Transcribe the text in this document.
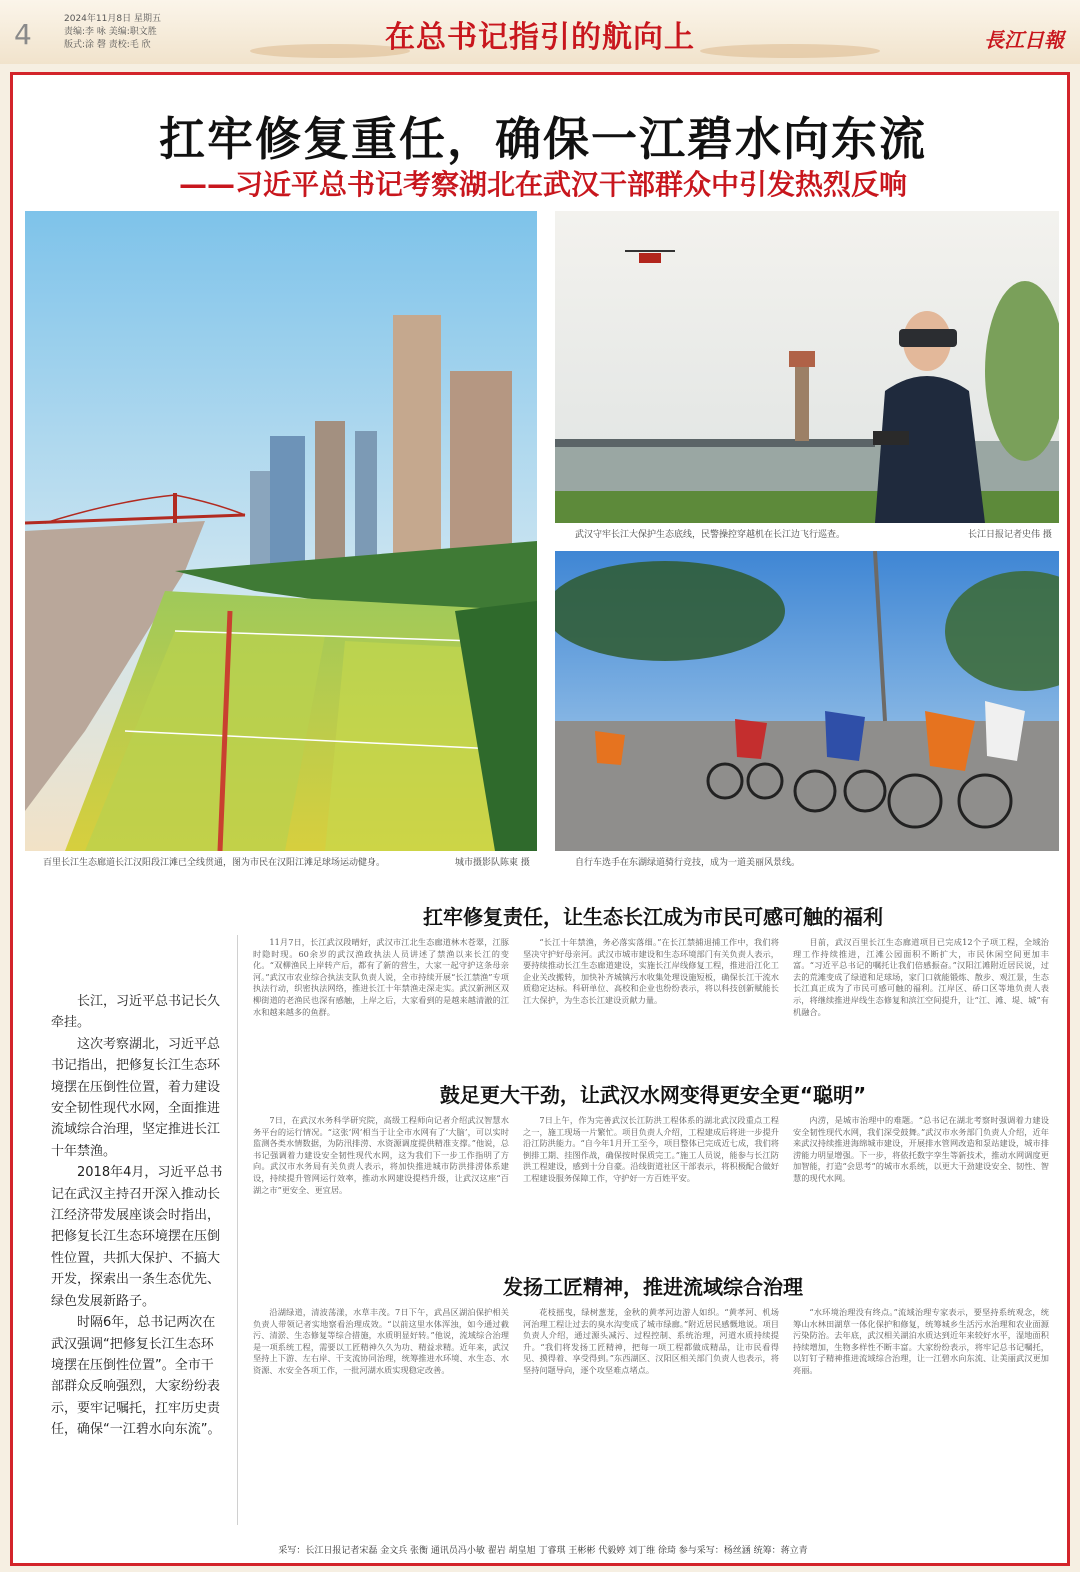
4	2024年11月8日 星期五
责编:李 咏 美编:职文胜
版式:涂 磬 责校:毛 欣	在总书记指引的航向上	長江日報
扛牢修复重任，确保一江碧水向东流
——习近平总书记考察湖北在武汉干部群众中引发热烈反响
百里长江生态廊道长江汉阳段江滩已全线贯通，图为市民在汉阳江滩足球场运动健身。	城市摄影队陈東 摄
武汉守牢长江大保护生态底线，民警操控穿越机在长江边飞行巡查。	长江日报记者史伟 摄
自行车选手在东湖绿道骑行竞技，成为一道美丽风景线。
扛牢修复责任，让生态长江成为市民可感可触的福利

长江，习近平总书记长久牵挂。

这次考察湖北，习近平总书记指出，把修复长江生态环境摆在压倒性位置，着力建设安全韧性现代水网，全面推进流域综合治理，坚定推进长江十年禁渔。

2018年4月，习近平总书记在武汉主持召开深入推动长江经济带发展座谈会时指出，把修复长江生态环境摆在压倒性位置，共抓大保护、不搞大开发，探索出一条生态优先、绿色发展新路子。

时隔6年，总书记两次在武汉强调“把修复长江生态环境摆在压倒性位置”。全市干部群众反响强烈，大家纷纷表示，要牢记嘱托，扛牢历史责任，确保“一江碧水向东流”。

11月7日，长江武汉段晴好，武汉市江北生态廊道林木苍翠，江豚时隐时现。60余岁的武汉渔政执法人员讲述了禁渔以来长江的变化。“双柳渔民上岸转产后，都有了新的营生，大家一起守护这条母亲河。”武汉市农业综合执法支队负责人说，全市持续开展“长江禁渔”专项执法行动，织密执法网络，推进长江十年禁渔走深走实。武汉新洲区双柳街道的老渔民也深有感触，上岸之后，大家看到的是越来越清澈的江水和越来越多的鱼群。

“长江十年禁渔，务必落实落细。”在长江禁捕退捕工作中，我们将坚决守护好母亲河。武汉市城市建设和生态环境部门有关负责人表示，要持续推动长江生态廊道建设，实施长江岸线修复工程，推进沿江化工企业关改搬转，加快补齐城镇污水收集处理设施短板，确保长江干流水质稳定达标。科研单位、高校和企业也纷纷表示，将以科技创新赋能长江大保护，为生态长江建设贡献力量。

目前，武汉百里长江生态廊道项目已完成12个子项工程，全域治理工作持续推进，江滩公园面积不断扩大，市民休闲空间更加丰富。“习近平总书记的嘱托让我们倍感振奋。”汉阳江滩附近居民说，过去的荒滩变成了绿道和足球场，家门口就能锻炼、散步、观江景，生态长江真正成为了市民可感可触的福利。江岸区、硚口区等地负责人表示，将继续推进岸线生态修复和滨江空间提升，让“江、滩、堤、城”有机融合。

鼓足更大干劲，让武汉水网变得更安全更“聪明”

7日，在武汉水务科学研究院，高级工程师向记者介绍武汉智慧水务平台的运行情况。“这张‘网’相当于让全市水网有了‘大脑’，可以实时监测各类水情数据，为防汛排涝、水资源调度提供精准支撑。”他说，总书记强调着力建设安全韧性现代水网，这为我们下一步工作指明了方向。武汉市水务局有关负责人表示，将加快推进城市防洪排涝体系建设，持续提升管网运行效率，推动水网建设提档升级，让武汉这座“百湖之市”更安全、更宜居。

7日上午，作为完善武汉长江防洪工程体系的湖北武汉段重点工程之一，施工现场一片繁忙。项目负责人介绍，工程建成后将进一步提升沿江防洪能力。“自今年1月开工至今，项目整体已完成近七成，我们将倒排工期、挂图作战，确保按时保质完工。”施工人员说，能参与长江防洪工程建设，感到十分自豪。沿线街道社区干部表示，将积极配合做好工程建设服务保障工作，守护好一方百姓平安。

内涝，是城市治理中的难题。“总书记在湖北考察时强调着力建设安全韧性现代水网，我们深受鼓舞。”武汉市水务部门负责人介绍，近年来武汉持续推进海绵城市建设，开展排水管网改造和泵站建设，城市排涝能力明显增强。下一步，将依托数字孪生等新技术，推动水网调度更加智能，打造“会思考”的城市水系统，以更大干劲建设安全、韧性、智慧的现代水网。

发扬工匠精神，推进流域综合治理

沿湖绿道，清波荡漾，水草丰茂。7日下午，武昌区湖泊保护相关负责人带领记者实地察看治理成效。“以前这里水体浑浊，如今通过截污、清淤、生态修复等综合措施，水质明显好转。”他说，流域综合治理是一项系统工程，需要以工匠精神久久为功、精益求精。近年来，武汉坚持上下游、左右岸、干支流协同治理，统筹推进水环境、水生态、水资源、水安全各项工作，一批河湖水质实现稳定改善。

花枝摇曳，绿树葱茏，金秋的黄孝河边游人如织。“黄孝河、机场河治理工程让过去的臭水沟变成了城市绿廊。”附近居民感慨地说。项目负责人介绍，通过源头减污、过程控制、系统治理，河道水质持续提升。“我们将发扬工匠精神，把每一项工程都做成精品，让市民看得见、摸得着、享受得到。”东西湖区、汉阳区相关部门负责人也表示，将坚持问题导向，逐个攻坚难点堵点。

“水环境治理没有终点。”流域治理专家表示，要坚持系统观念，统筹山水林田湖草一体化保护和修复，统筹城乡生活污水治理和农业面源污染防治。去年底，武汉相关湖泊水质达到近年来较好水平，湿地面积持续增加，生物多样性不断丰富。大家纷纷表示，将牢记总书记嘱托，以钉钉子精神推进流域综合治理，让一江碧水向东流、让美丽武汉更加亮丽。

采写：长江日报记者宋磊 金文兵 张衡 通讯员冯小敏 翟岩 胡皇旭 丁睿琪 王彬彬 代毅婷 刘丁维 徐琦 参与采写：杨丝涵 统筹：蒋立青
